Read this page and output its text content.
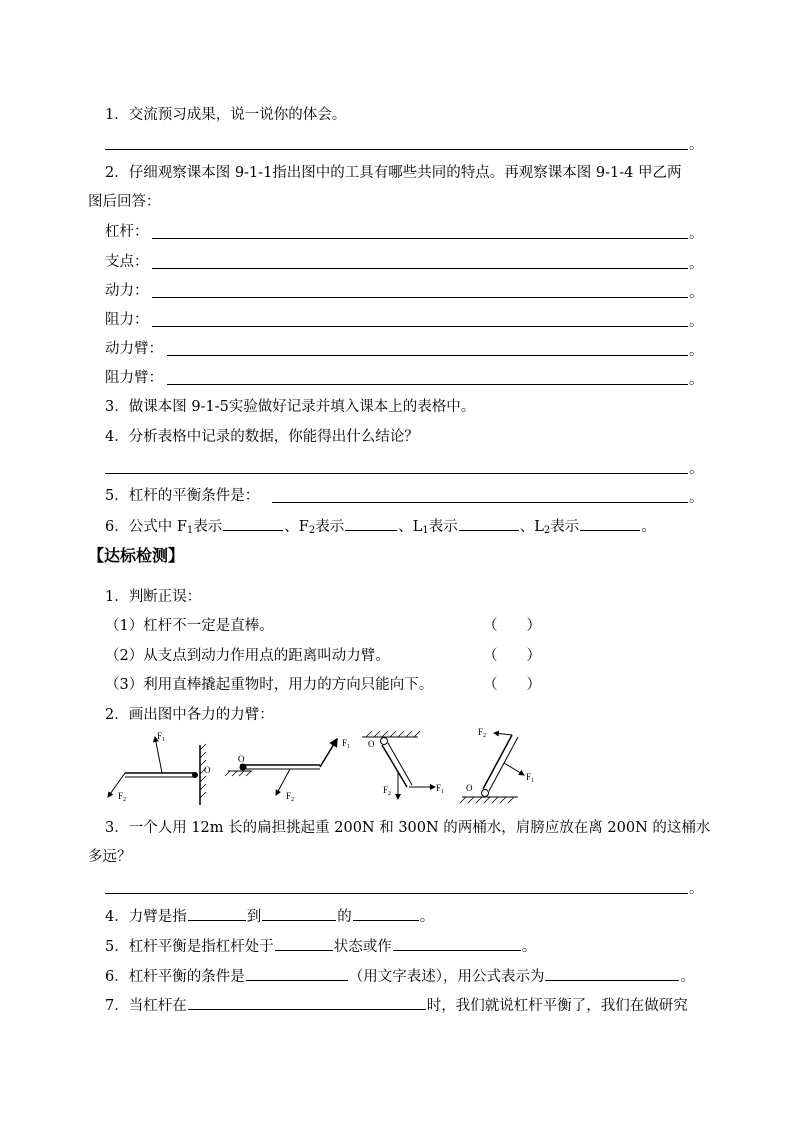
1．交流预习成果，说一说你的体会。
。
2．仔细观察课本图 9-1-1指出图中的工具有哪些共同的特点。再观察课本图 9-1-4 甲乙两
图后回答：
杠杆：	。
支点：	。
动力：	。
阻力：	。
动力臂：	。
阻力臂：	。
3．做课本图 9-1-5实验做好记录并填入课本上的表格中。
4．分析表格中记录的数据，你能得出什么结论？
。
5．杠杆的平衡条件是：	。
6．公式中 $F_1$表示	、$F_2$表示	、$L_1$表示	、$L_2$表示	。
【达标检测】
1．判断正误：
（1）杠杆不一定是直棒。	（　　）
（2）从支点到动力作用点的距离叫动力臂。	（　　）
（3）利用直棒撬起重物时，用力的方向只能向下。	（　　）
2．画出图中各力的力臂：
$F_1$
$F_2$
O
O
$F_1$
$F_2$
O
$F_2$
$F_1$ O
$F_2$
$F_1$
3．一个人用 12m 长的扁担挑起重 200N 和 300N 的两桶水，肩膀应放在离 200N 的这桶水
多远？
。
4．力臂是指	到	的	。
5．杠杆平衡是指杠杆处于	状态或作	。
6．杠杆平衡的条件是	（用文字表述），用公式表示为	。
7．当杠杆在	时，我们就说杠杆平衡了，我们在做研究
